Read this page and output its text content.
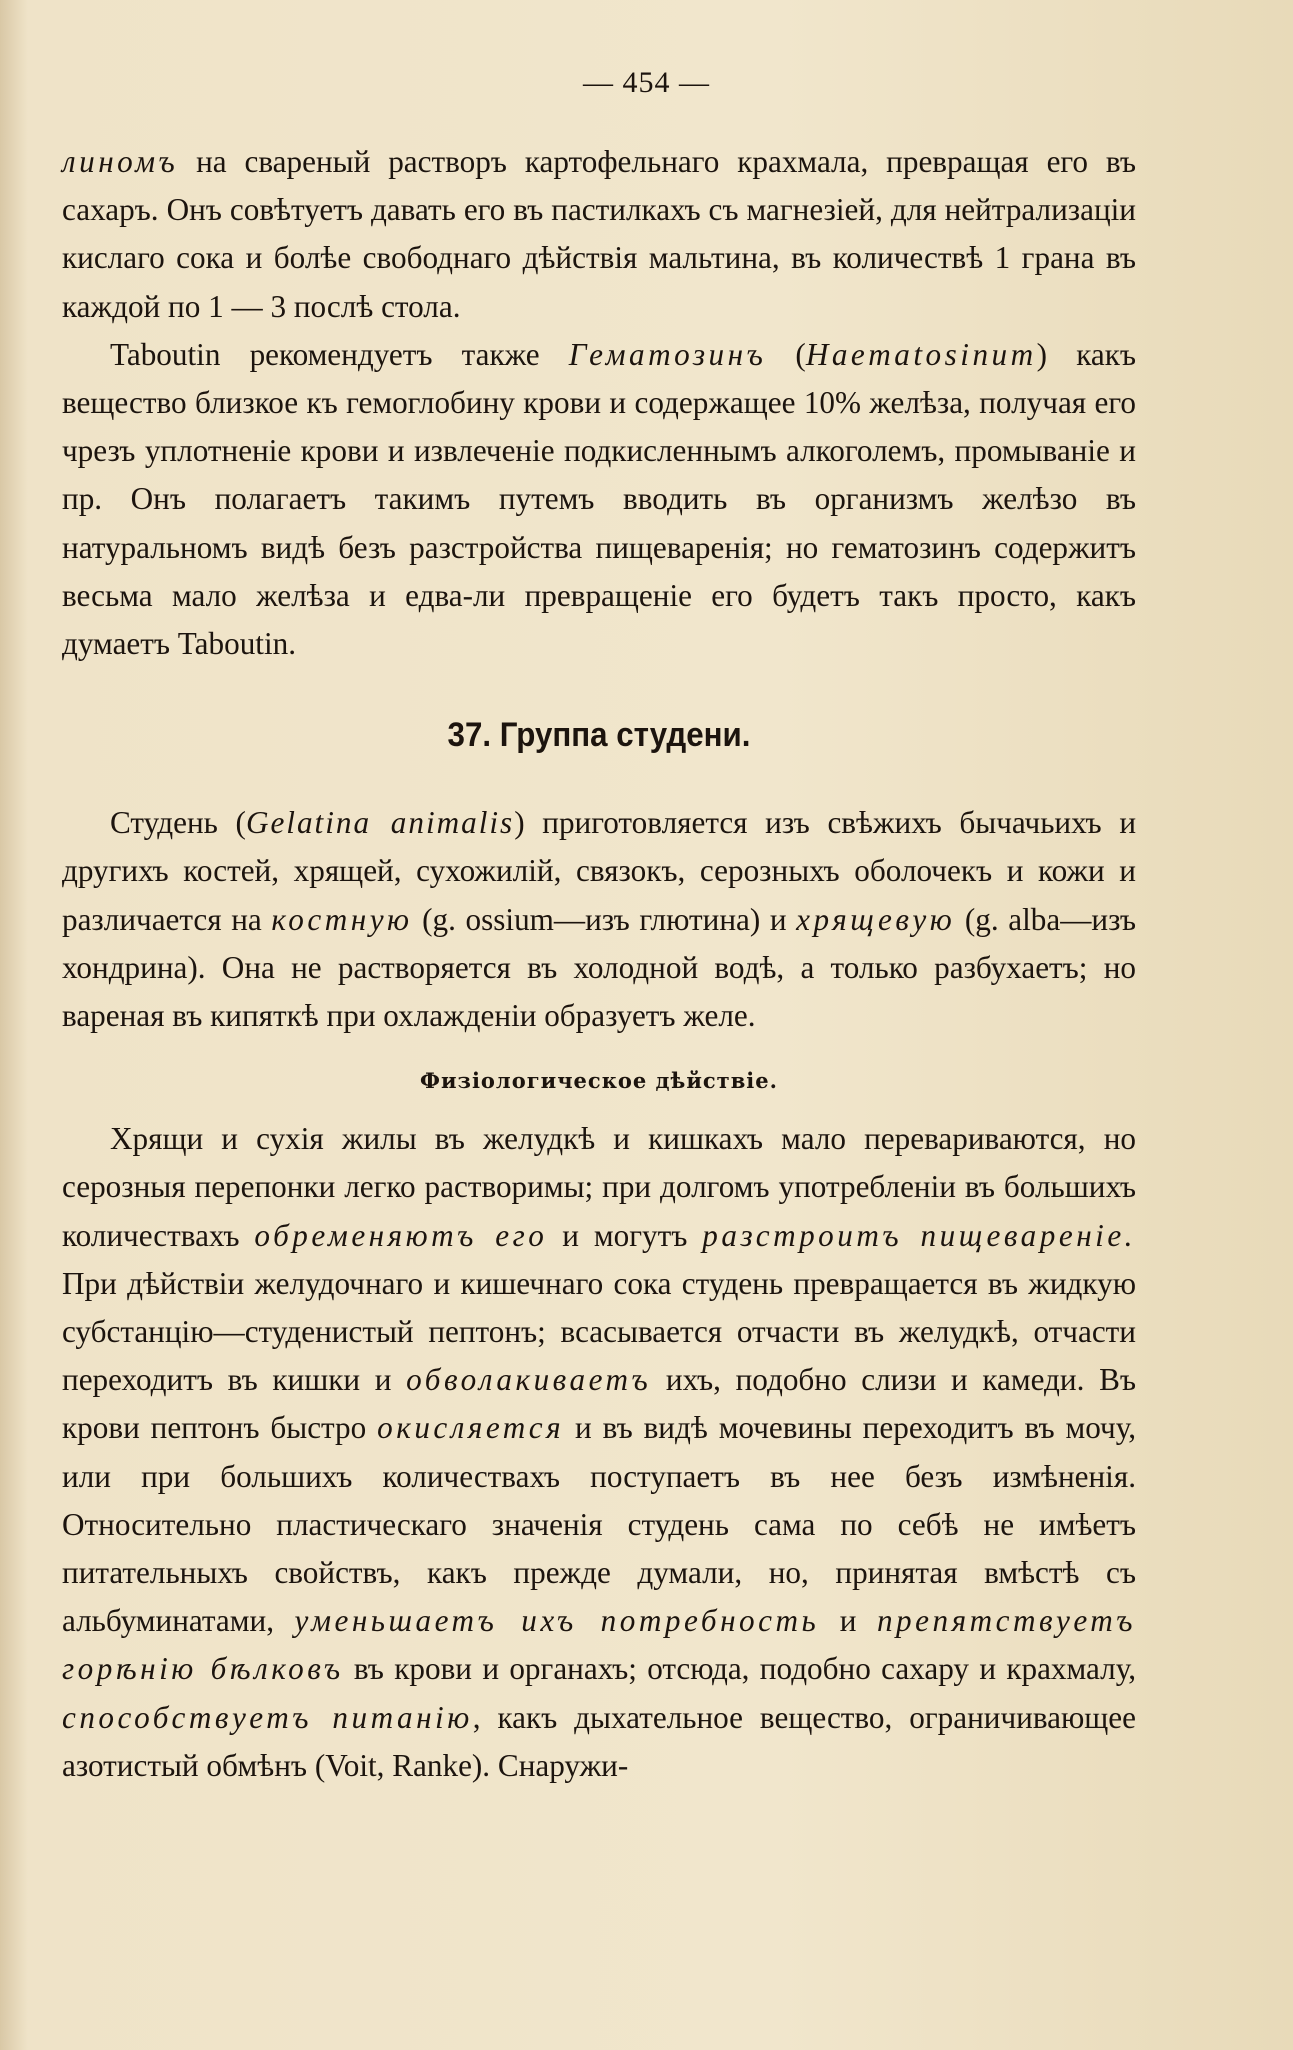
— 454 —

линомъ на свареный растворъ картофельнаго крахмала, превращая его въ сахаръ. Онъ совѣтуетъ давать его въ пастилкахъ съ магнезіей, для нейтрализаціи кислаго сока и болѣе свободнаго дѣйствія мальтина, въ количествѣ 1 грана въ каждой по 1 — 3 послѣ стола.

Taboutin рекомендуетъ также Гематозинъ (Haematosinum) какъ вещество близкое къ гемоглобину крови и содержащее 10% желѣза, получая его чрезъ уплотненіе крови и извлеченіе подкисленнымъ алкоголемъ, промываніе и пр. Онъ полагаетъ такимъ путемъ вводить въ организмъ желѣзо въ натуральномъ видѣ безъ разстройства пищеваренія; но гематозинъ содержитъ весьма мало желѣза и едва-ли превращеніе его будетъ такъ просто, какъ думаетъ Taboutin.

37. Группа студени.

Студень (Gelatina animalis) приготовляется изъ свѣжихъ бычачьихъ и другихъ костей, хрящей, сухожилій, связокъ, серозныхъ оболочекъ и кожи и различается на костную (g. ossium—изъ глютина) и хрящевую (g. alba—изъ хондрина). Она не растворяется въ холодной водѣ, а только разбухаетъ; но вареная въ кипяткѣ при охлажденіи образуетъ желе.

Физіологическое дѣйствіе.

Хрящи и сухія жилы въ желудкѣ и кишкахъ мало перевариваются, но серозныя перепонки легко растворимы; при долгомъ употребленіи въ большихъ количествахъ обременяютъ его и могутъ разстроитъ пищевареніе. При дѣйствіи желудочнаго и кишечнаго сока студень превращается въ жидкую субстанцію—студенистый пептонъ; всасывается отчасти въ желудкѣ, отчасти переходитъ въ кишки и обволакиваетъ ихъ, подобно слизи и камеди. Въ крови пептонъ быстро окисляется и въ видѣ мочевины переходитъ въ мочу, или при большихъ количествахъ поступаетъ въ нее безъ измѣненія. Относительно пластическаго значенія студень сама по себѣ не имѣетъ питательныхъ свойствъ, какъ прежде думали, но, принятая вмѣстѣ съ альбуминатами, уменьшаетъ ихъ потребность и препятствуетъ горѣнію бѣлковъ въ крови и органахъ; отсюда, подобно сахару и крахмалу, способствуетъ питанію, какъ дыхательное вещество, ограничивающее азотистый обмѣнъ (Voit, Ranke). Снаружи-
